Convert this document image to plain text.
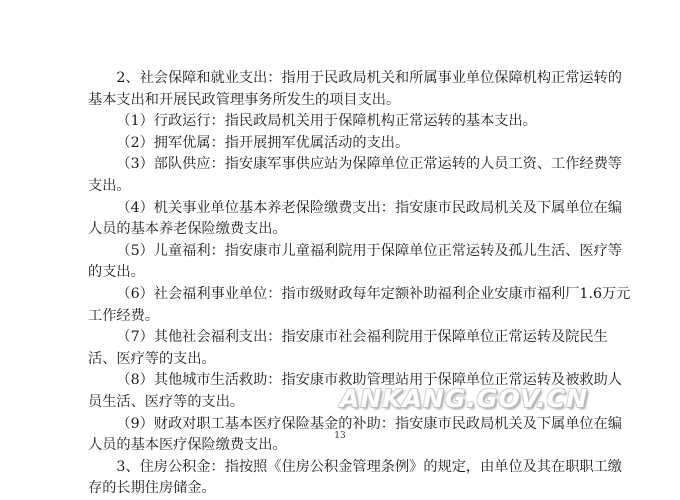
2、社会保障和就业支出：指用于民政局机关和所属事业单位保障机构正常运转的基本支出和开展民政管理事务所发生的项目支出。

（1）行政运行：指民政局机关用于保障机构正常运转的基本支出。

（2）拥军优属：指开展拥军优属活动的支出。

（3）部队供应：指安康军事供应站为保障单位正常运转的人员工资、工作经费等支出。

（4）机关事业单位基本养老保险缴费支出：指安康市民政局机关及下属单位在编人员的基本养老保险缴费支出。

（5）儿童福利：指安康市儿童福利院用于保障单位正常运转及孤儿生活、医疗等的支出。

（6）社会福利事业单位：指市级财政每年定额补助福利企业安康市福利厂1.6万元工作经费。

（7）其他社会福利支出：指安康市社会福利院用于保障单位正常运转及院民生活、医疗等的支出。

（8）其他城市生活救助：指安康市救助管理站用于保障单位正常运转及被救助人员生活、医疗等的支出。

（9）财政对职工基本医疗保险基金的补助：指安康市民政局机关及下属单位在编人员的基本医疗保险缴费支出。

3、住房公积金：指按照《住房公积金管理条例》的规定，由单位及其在职职工缴存的长期住房储金。

ANKANG.GOV.CN
13
